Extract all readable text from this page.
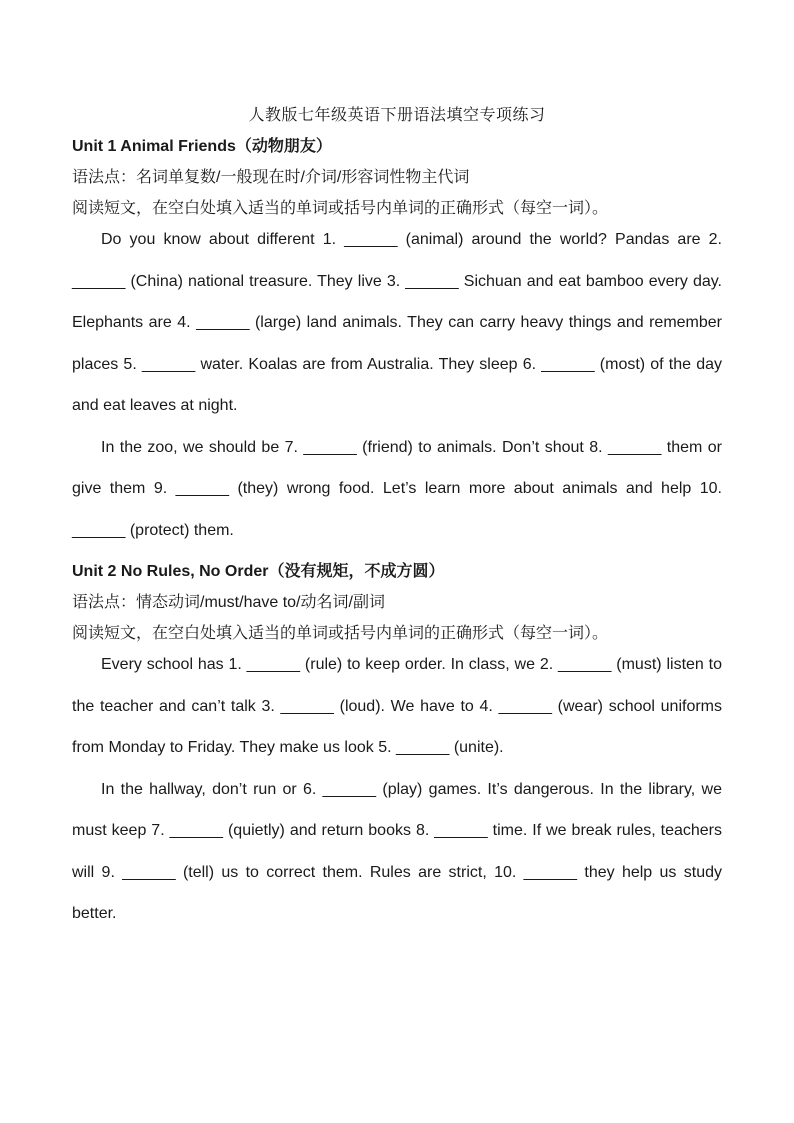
人教版七年级英语下册语法填空专项练习
Unit 1 Animal Friends（动物朋友）
语法点：名词单复数/一般现在时/介词/形容词性物主代词
阅读短文，在空白处填入适当的单词或括号内单词的正确形式（每空一词）。

Do you know about different 1. ______ (animal) around the world? Pandas are 2. ______ (China) national treasure. They live 3. ______ Sichuan and eat bamboo every day. Elephants are 4. ______ (large) land animals. They can carry heavy things and remember places 5. ______ water. Koalas are from Australia. They sleep 6. ______ (most) of the day and eat leaves at night.

In the zoo, we should be 7. ______ (friend) to animals. Don’t shout 8. ______ them or give them 9. ______ (they) wrong food. Let’s learn more about animals and help 10. ______ (protect) them.

Unit 2 No Rules, No Order（没有规矩，不成方圆）
语法点：情态动词/must/have to/动名词/副词
阅读短文，在空白处填入适当的单词或括号内单词的正确形式（每空一词）。

Every school has 1. ______ (rule) to keep order. In class, we 2. ______ (must) listen to the teacher and can’t talk 3. ______ (loud). We have to 4. ______ (wear) school uniforms from Monday to Friday. They make us look 5. ______ (unite).

In the hallway, don’t run or 6. ______ (play) games. It’s dangerous. In the library, we must keep 7. ______ (quietly) and return books 8. ______ time. If we break rules, teachers will 9. ______ (tell) us to correct them. Rules are strict, 10. ______ they help us study better.
